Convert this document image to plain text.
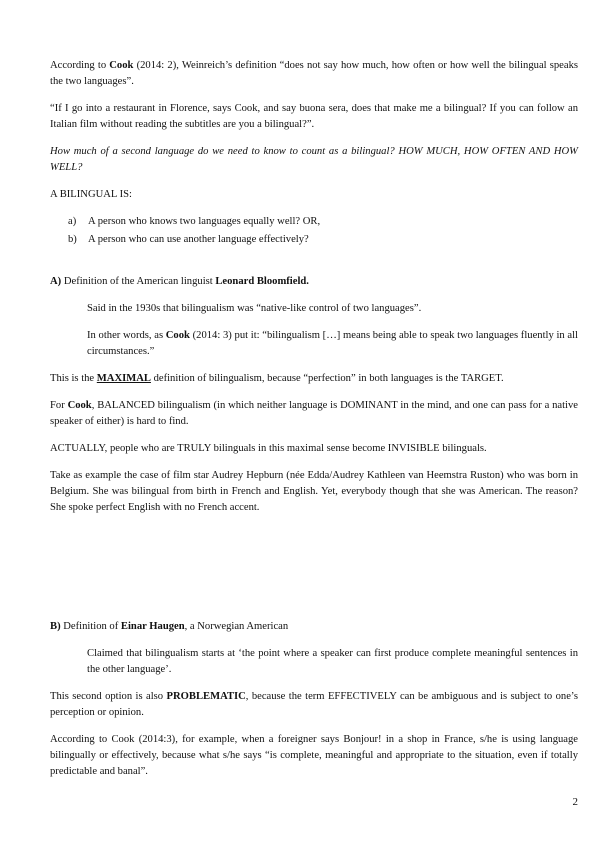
According to Cook (2014: 2), Weinreich’s definition “does not say how much, how often or how well the bilingual speaks the two languages”.

“If I go into a restaurant in Florence, says Cook, and say buona sera, does that make me a bilingual? If you can follow an Italian film without reading the subtitles are you a bilingual?”.

How much of a second language do we need to know to count as a bilingual? HOW MUCH, HOW OFTEN AND HOW WELL?

A BILINGUAL IS:

a)	A person who knows two languages equally well? OR,
b)	A person who can use another language effectively?

A) Definition of the American linguist Leonard Bloomfield.

Said in the 1930s that bilingualism was “native-like control of two languages”.

In other words, as Cook (2014: 3) put it: “bilingualism […] means being able to speak two languages fluently in all circumstances.”

This is the MAXIMAL definition of bilingualism, because “perfection” in both languages is the TARGET.

For Cook, BALANCED bilingualism (in which neither language is DOMINANT in the mind, and one can pass for a native speaker of either) is hard to find.

ACTUALLY, people who are TRULY bilinguals in this maximal sense become INVISIBLE bilinguals.

Take as example the case of film star Audrey Hepburn (née Edda/Audrey Kathleen van Heemstra Ruston) who was born in Belgium. She was bilingual from birth in French and English. Yet, everybody though that she was American. The reason? She spoke perfect English with no French accent.

B) Definition of Einar Haugen, a Norwegian American

Claimed that bilingualism starts at ‘the point where a speaker can first produce complete meaningful sentences in the other language’.

This second option is also PROBLEMATIC, because the term EFFECTIVELY can be ambiguous and is subject to one’s perception or opinion.

According to Cook (2014:3), for example, when a foreigner says Bonjour! in a shop in France, s/he is using language bilingually or effectively, because what s/he says “is complete, meaningful and appropriate to the situation, even if totally predictable and banal”.

2
